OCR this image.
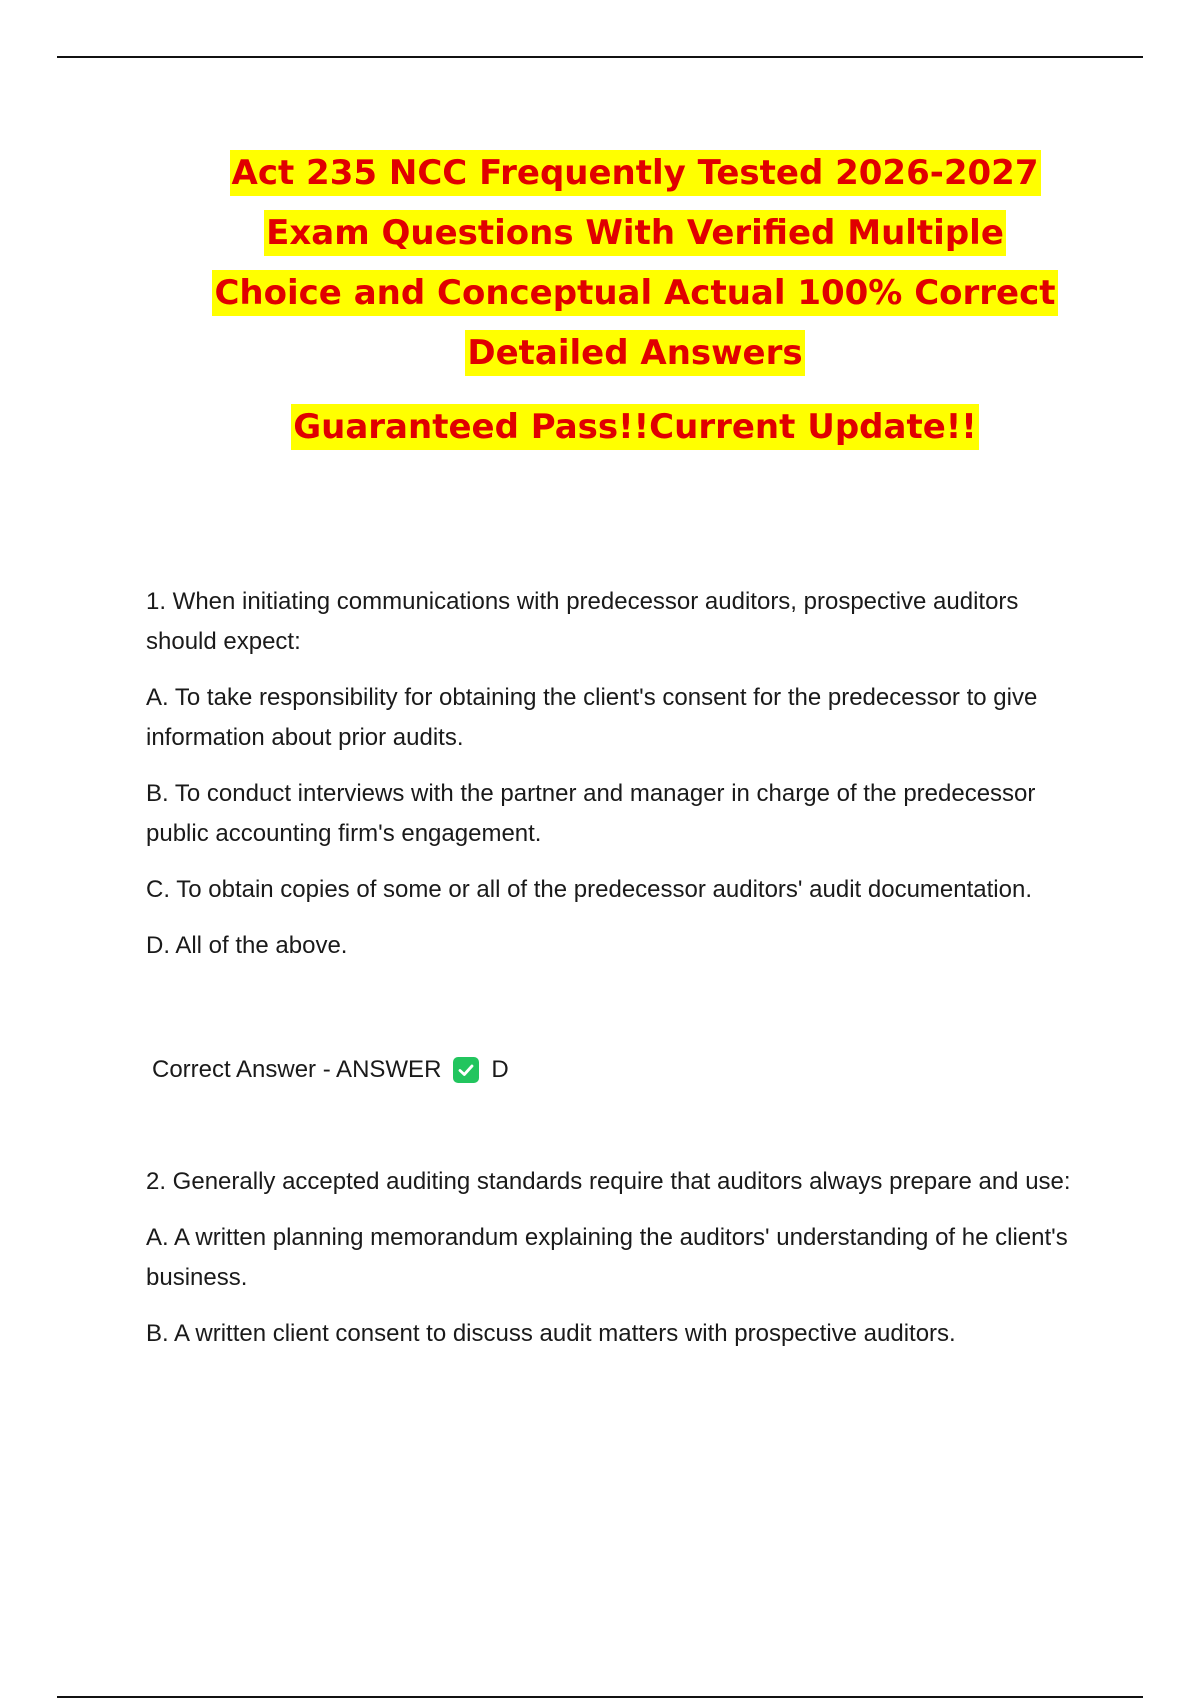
Act 235 NCC Frequently Tested 2026-2027
Exam Questions With Verified Multiple
Choice and Conceptual Actual 100% Correct
Detailed Answers
Guaranteed Pass!!Current Update!!

1. When initiating communications with predecessor auditors, prospective auditors should expect:

A. To take responsibility for obtaining the client's consent for the predecessor to give information about prior audits.

B. To conduct interviews with the partner and manager in charge of the predecessor public accounting firm's engagement.

C. To obtain copies of some or all of the predecessor auditors' audit documentation.

D. All of the above.

Correct Answer - ANSWER D

2. Generally accepted auditing standards require that auditors always prepare and use:

A. A written planning memorandum explaining the auditors' understanding of he client's business.

B. A written client consent to discuss audit matters with prospective auditors.
